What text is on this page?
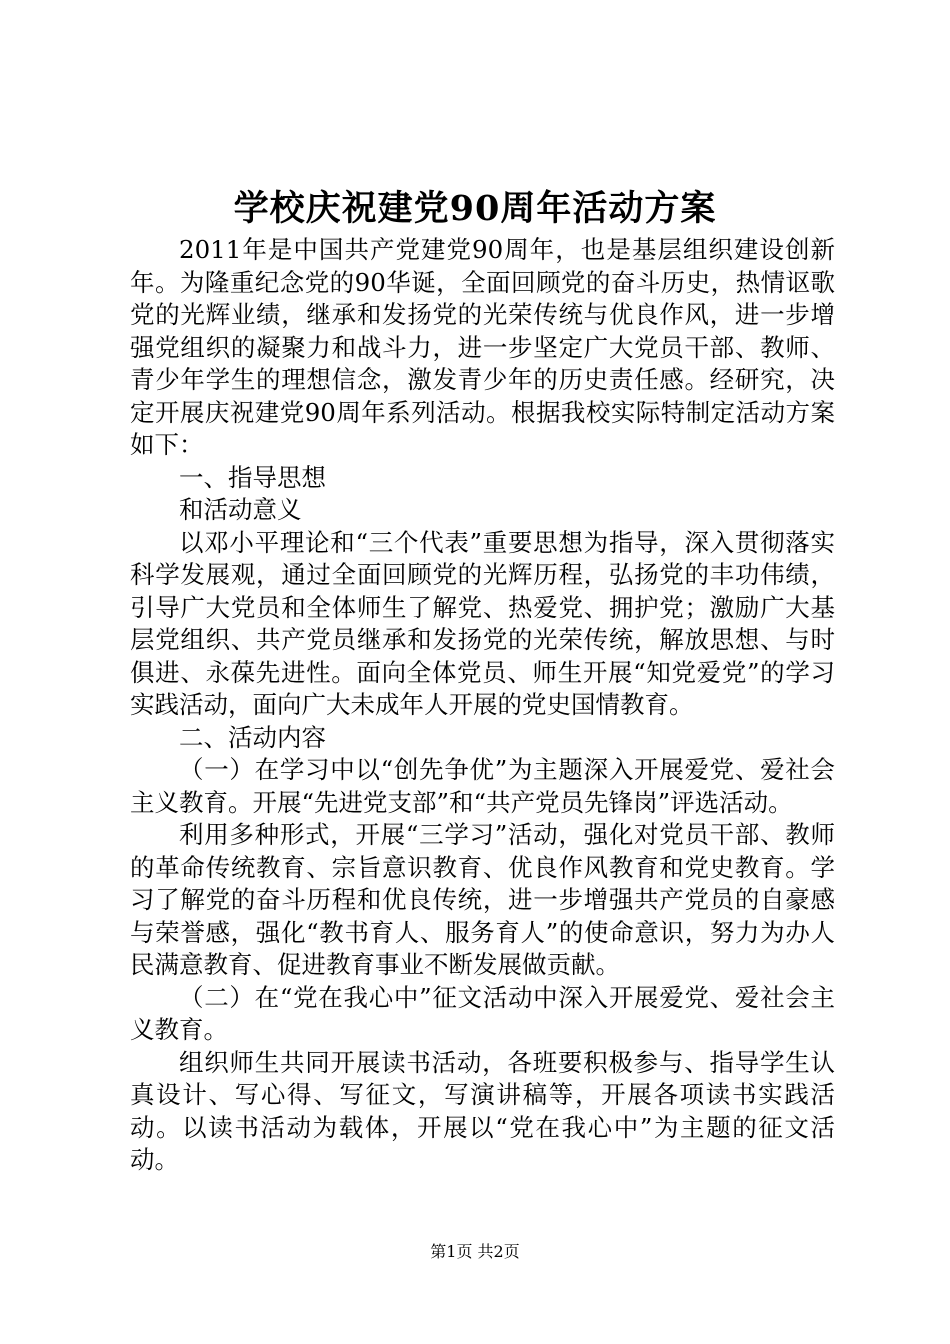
学校庆祝建党90周年活动方案

2011年是中国共产党建党90周年，也是基层组织建设创新年。为隆重纪念党的90华诞，全面回顾党的奋斗历史，热情讴歌党的光辉业绩，继承和发扬党的光荣传统与优良作风，进一步增强党组织的凝聚力和战斗力，进一步坚定广大党员干部、教师、青少年学生的理想信念，激发青少年的历史责任感。经研究，决定开展庆祝建党90周年系列活动。根据我校实际特制定活动方案如下：

一、指导思想

和活动意义

以邓小平理论和“三个代表”重要思想为指导，深入贯彻落实科学发展观，通过全面回顾党的光辉历程，弘扬党的丰功伟绩，引导广大党员和全体师生了解党、热爱党、拥护党；激励广大基层党组织、共产党员继承和发扬党的光荣传统，解放思想、与时俱进、永葆先进性。面向全体党员、师生开展“知党爱党”的学习实践活动，面向广大未成年人开展的党史国情教育。

二、活动内容

（一）在学习中以“创先争优”为主题深入开展爱党、爱社会主义教育。开展“先进党支部”和“共产党员先锋岗”评选活动。

利用多种形式，开展“三学习”活动，强化对党员干部、教师的革命传统教育、宗旨意识教育、优良作风教育和党史教育。学习了解党的奋斗历程和优良传统，进一步增强共产党员的自豪感与荣誉感，强化“教书育人、服务育人”的使命意识，努力为办人民满意教育、促进教育事业不断发展做贡献。

（二）在“党在我心中”征文活动中深入开展爱党、爱社会主义教育。

组织师生共同开展读书活动，各班要积极参与、指导学生认真设计、写心得、写征文，写演讲稿等，开展各项读书实践活动。以读书活动为载体，开展以“党在我心中”为主题的征文活动。

第1页 共2页
